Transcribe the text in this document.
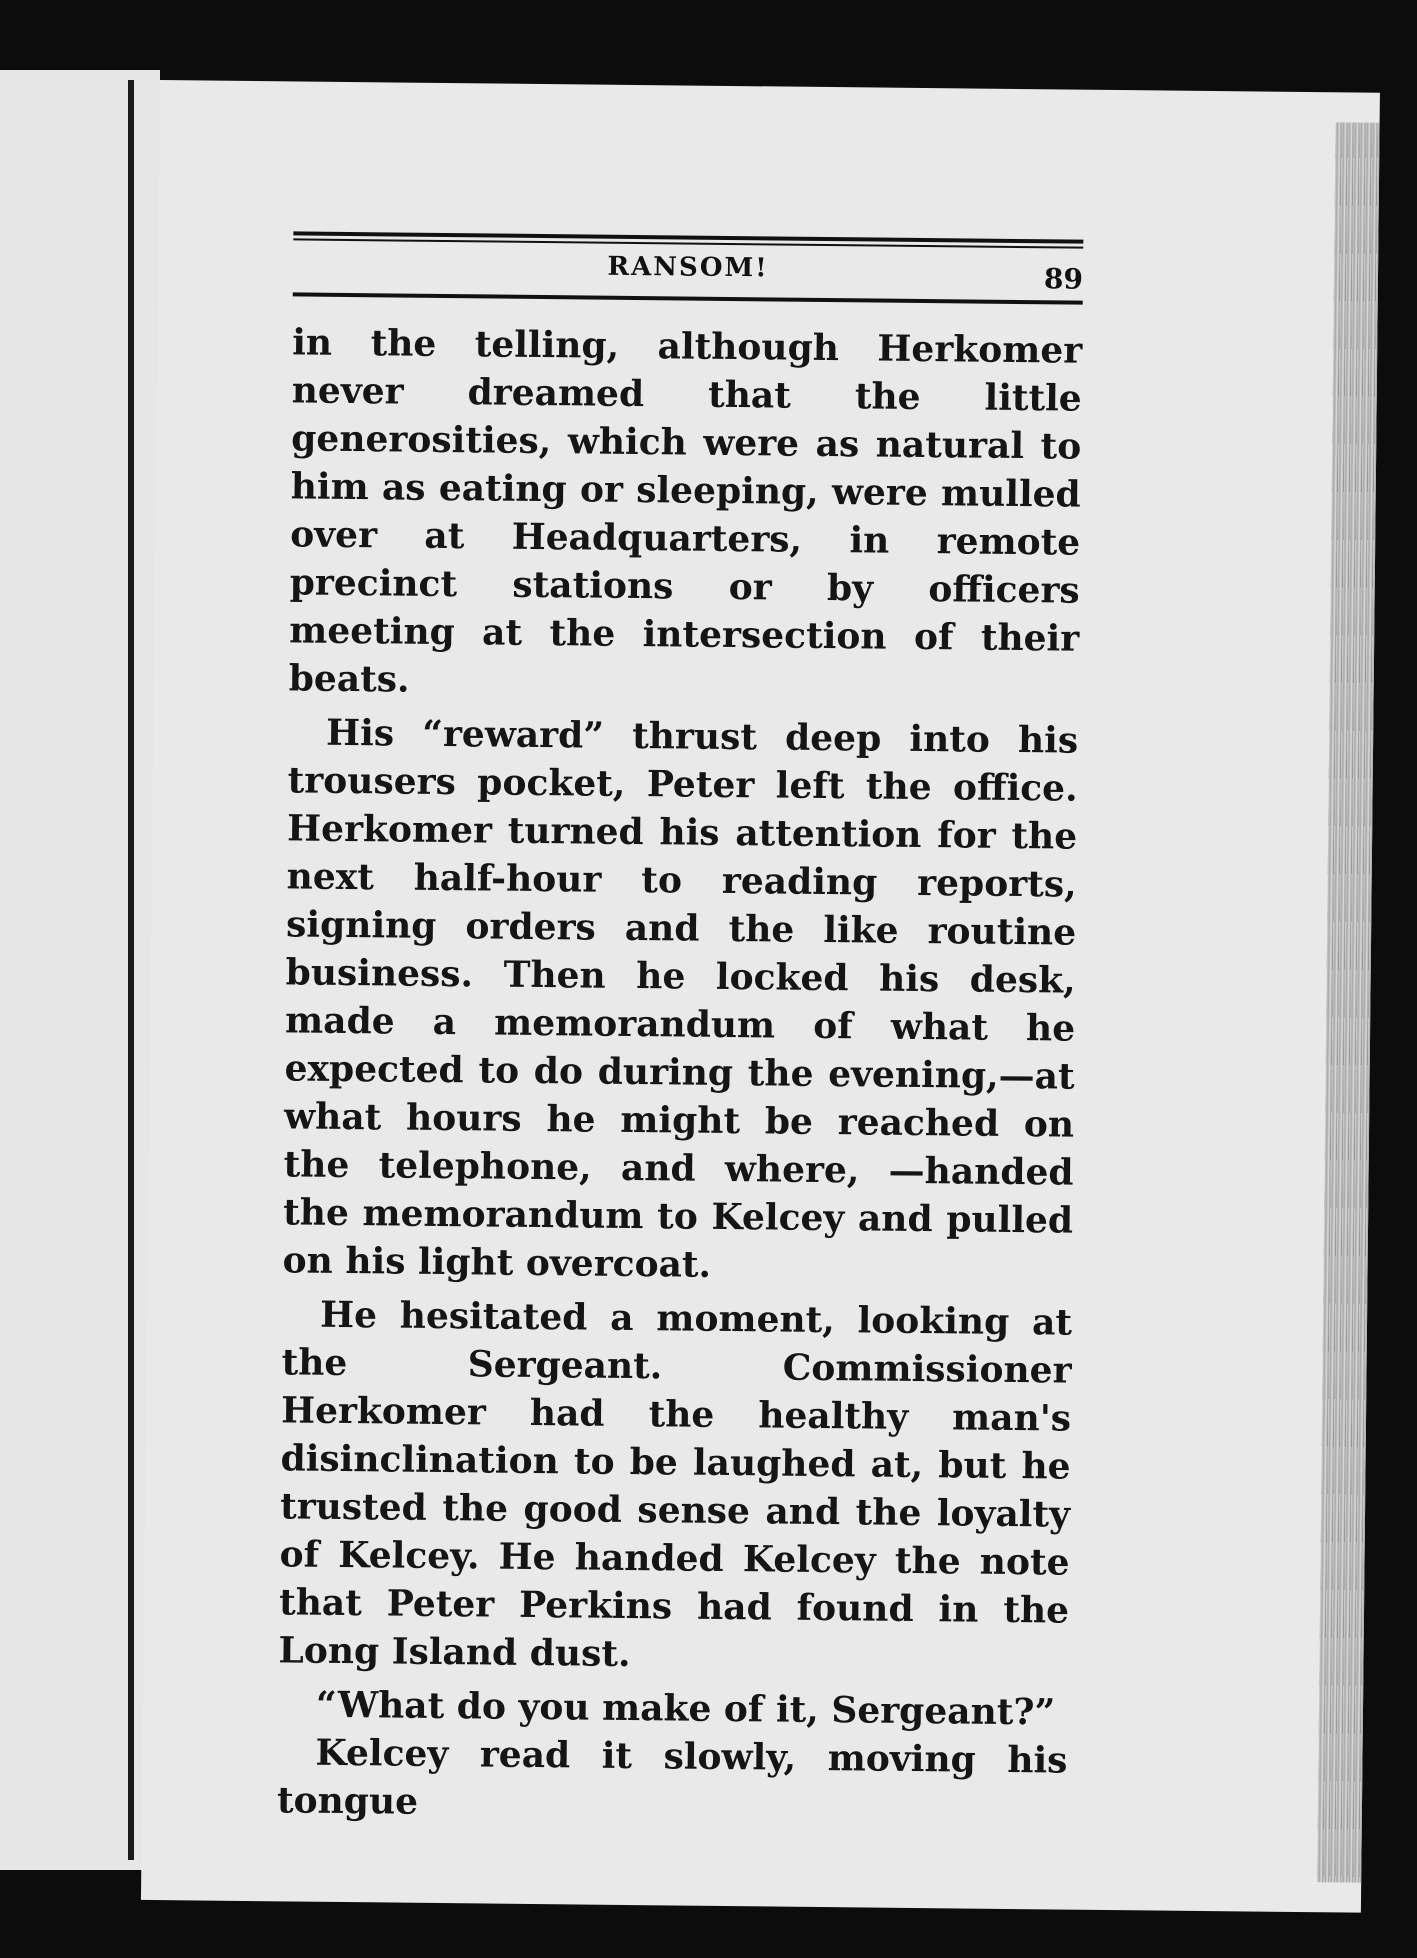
RANSOM!	89

in the telling, although Herkomer never dreamed that the little generosities, which were as natural to him as eating or sleeping, were mulled over at Headquarters, in remote precinct stations or by officers meeting at the intersection of their beats.

His “reward” thrust deep into his trousers pocket, Peter left the office. Herkomer turned his attention for the next half-hour to reading reports, signing orders and the like routine business. Then he locked his desk, made a memorandum of what he expected to do during the evening,—at what hours he might be reached on the telephone, and where, —handed the memorandum to Kelcey and pulled on his light overcoat.

He hesitated a moment, looking at the Sergeant. Commissioner Herkomer had the healthy man's disinclination to be laughed at, but he trusted the good sense and the loyalty of Kelcey. He handed Kelcey the note that Peter Perkins had found in the Long Island dust.

“What do you make of it, Sergeant?”

Kelcey read it slowly, moving his tongue
